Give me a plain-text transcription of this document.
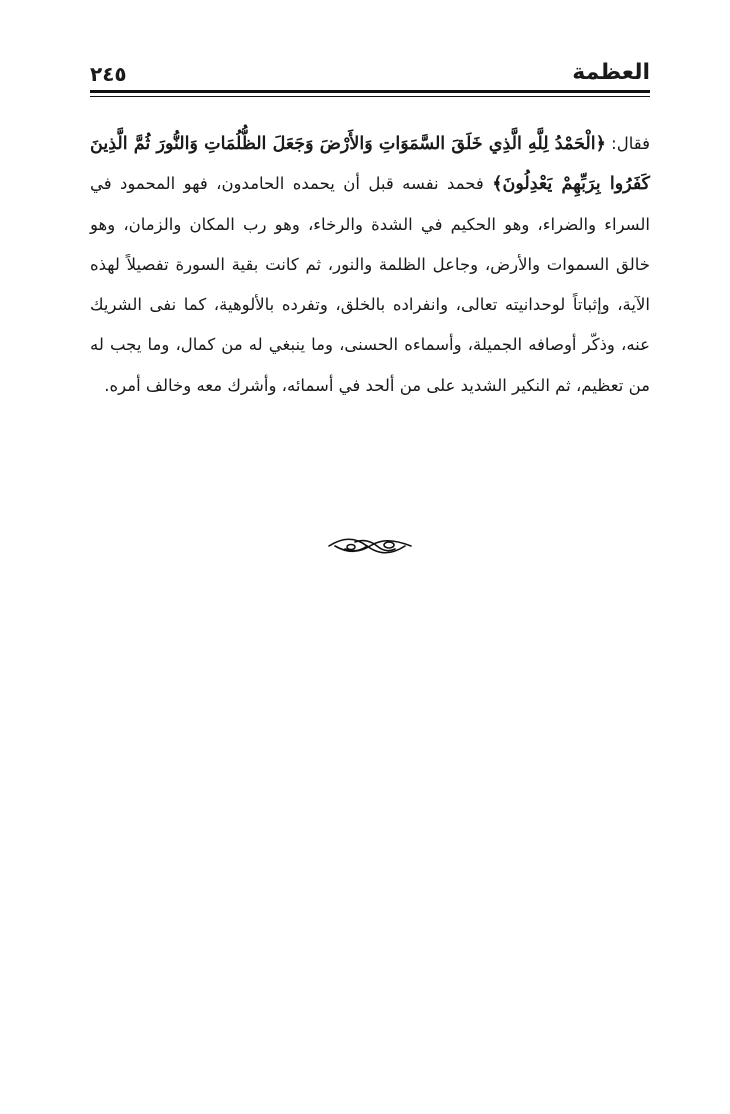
العظمة
٢٤٥

فقال: ﴿الْحَمْدُ لِلَّهِ الَّذِي خَلَقَ السَّمَوَاتِ وَالأَرْضَ وَجَعَلَ الظُّلُمَاتِ وَالنُّورَ ثُمَّ الَّذِينَ كَفَرُوا بِرَبِّهِمْ يَعْدِلُونَ﴾ فحمد نفسه قبل أن يحمده الحامدون، فهو المحمود في السراء والضراء، وهو الحكيم في الشدة والرخاء، وهو رب المكان والزمان، وهو خالق السموات والأرض، وجاعل الظلمة والنور، ثم كانت بقية السورة تفصيلاً لهذه الآية، وإثباتاً لوحدانيته تعالى، وانفراده بالخلق، وتفرده بالألوهية، كما نفى الشريك عنه، وذكّر أوصافه الجميلة، وأسماءه الحسنى، وما ينبغي له من كمال، وما يجب له من تعظيم، ثم النكير الشديد على من ألحد في أسمائه، وأشرك معه وخالف أمره.
